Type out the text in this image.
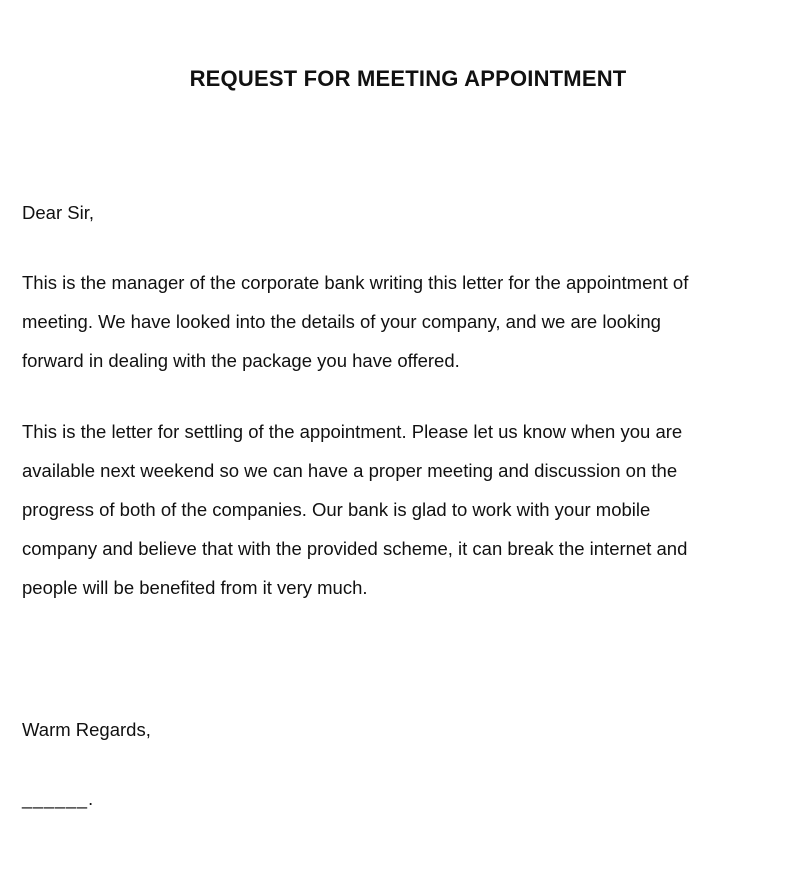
REQUEST FOR MEETING APPOINTMENT
Dear Sir,
This is the manager of the corporate bank writing this letter for the appointment of
meeting. We have looked into the details of your company, and we are looking
forward in dealing with the package you have offered.
This is the letter for settling of the appointment. Please let us know when you are
available next weekend so we can have a proper meeting and discussion on the
progress of both of the companies. Our bank is glad to work with your mobile
company and believe that with the provided scheme, it can break the internet and
people will be benefited from it very much.
Warm Regards,
______.
